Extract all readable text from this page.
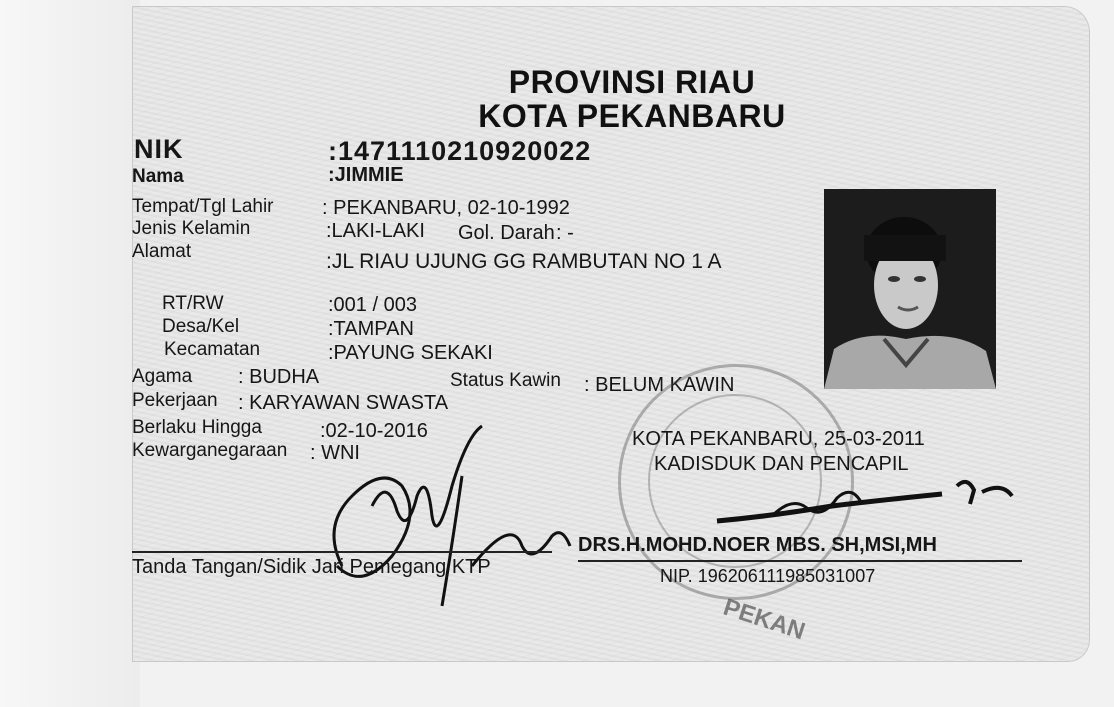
PROVINSI RIAU
KOTA PEKANBARU
NIK	:1471110210920022
Nama	:JIMMIE
Tempat/Tgl Lahir : PEKANBARU, 02-10-1992
Jenis Kelamin	:LAKI-LAKI Gol. Darah : -
Alamat	:JL RIAU UJUNG GG RAMBUTAN NO 1 A
RT/RW	:001 / 003
Desa/Kel	:TAMPAN
Kecamatan	:PAYUNG SEKAKI
Agama : BUDHA	Status Kawin : BELUM KAWIN
Pekerjaan : KARYAWAN SWASTA
Berlaku Hingga	:02-10-2016
Kewarganegaraan : WNI
PEKAN
KOTA PEKANBARU, 25-03-2011
KADISDUK DAN PENCAPIL
DRS.H.MOHD.NOER MBS. SH,MSI,MH
NIP. 196206111985031007
Tanda Tangan/Sidik Jari Pemegang KTP
